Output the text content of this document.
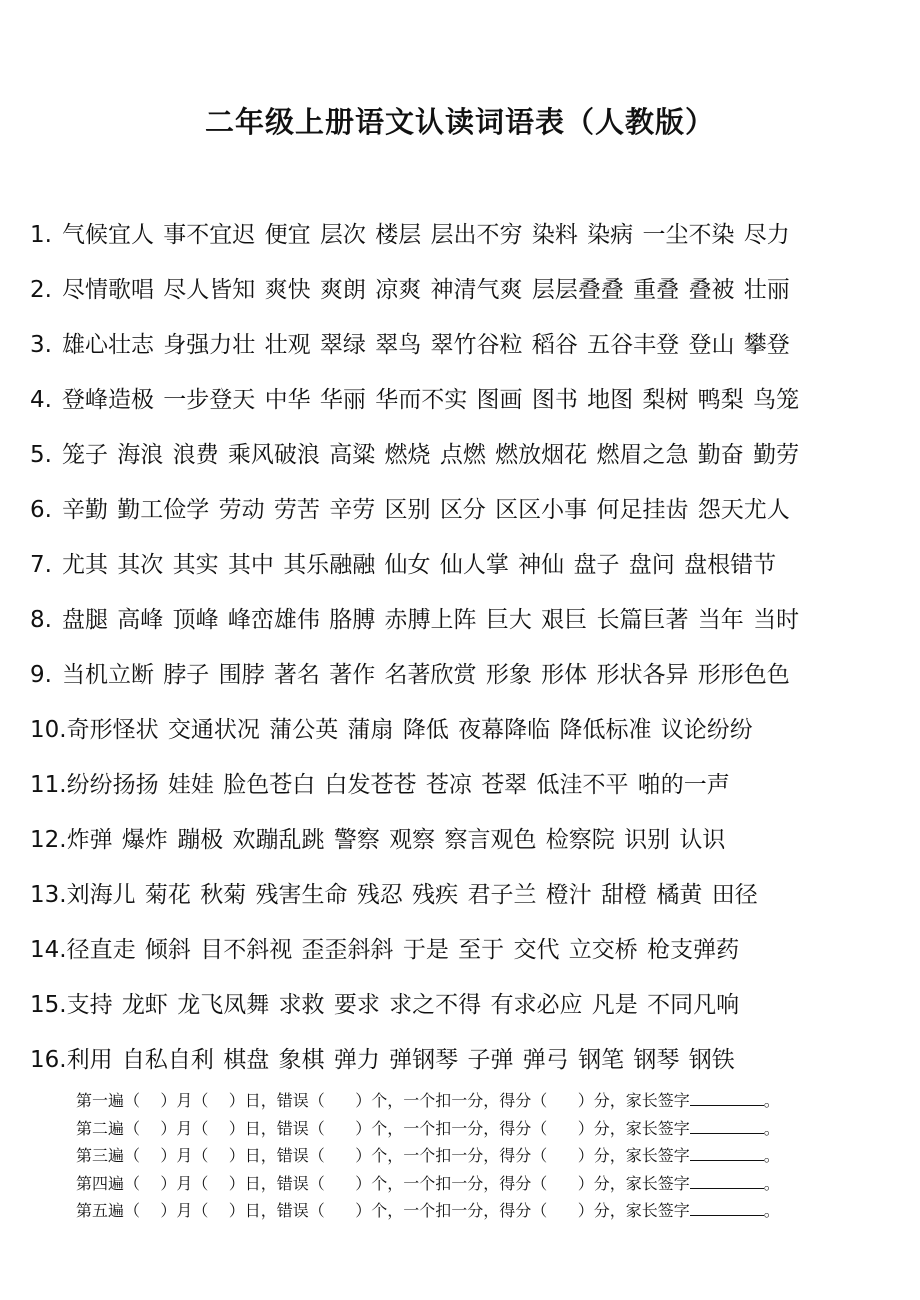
二年级上册语文认读词语表（人教版）
1. 气候宜人 事不宜迟 便宜 层次 楼层 层出不穷 染料 染病 一尘不染 尽力
2. 尽情歌唱 尽人皆知 爽快 爽朗 凉爽 神清气爽 层层叠叠 重叠 叠被 壮丽
3. 雄心壮志 身强力壮 壮观 翠绿 翠鸟 翠竹谷粒 稻谷 五谷丰登 登山 攀登
4. 登峰造极 一步登天 中华 华丽 华而不实 图画 图书 地图 梨树 鸭梨 鸟笼
5. 笼子 海浪 浪费 乘风破浪 高粱 燃烧 点燃 燃放烟花 燃眉之急 勤奋 勤劳
6. 辛勤 勤工俭学 劳动 劳苦 辛劳 区别 区分 区区小事 何足挂齿 怨天尤人
7. 尤其 其次 其实 其中 其乐融融 仙女 仙人掌 神仙 盘子 盘问 盘根错节
8. 盘腿 高峰 顶峰 峰峦雄伟 胳膊 赤膊上阵 巨大 艰巨 长篇巨著 当年 当时
9. 当机立断 脖子 围脖 著名 著作 名著欣赏 形象 形体 形状各异 形形色色
10. 奇形怪状 交通状况 蒲公英 蒲扇 降低 夜幕降临 降低标准 议论纷纷
11. 纷纷扬扬 娃娃 脸色苍白 白发苍苍 苍凉 苍翠 低洼不平 啪的一声
12. 炸弹 爆炸 蹦极 欢蹦乱跳 警察 观察 察言观色 检察院 识别 认识
13. 刘海儿 菊花 秋菊 残害生命 残忍 残疾 君子兰 橙汁 甜橙 橘黄 田径
14. 径直走 倾斜 目不斜视 歪歪斜斜 于是 至于 交代 立交桥 枪支弹药
15. 支持 龙虾 龙飞凤舞 求救 要求 求之不得 有求必应 凡是 不同凡响
16. 利用 自私自利 棋盘 象棋 弹力 弹钢琴 子弹 弹弓 钢笔 钢琴 钢铁
第一遍（    ）月（    ）日，错误（      ）个，一个扣一分，得分（      ）分，家长签字	。
第二遍（    ）月（    ）日，错误（      ）个，一个扣一分，得分（      ）分，家长签字	。
第三遍（    ）月（    ）日，错误（      ）个，一个扣一分，得分（      ）分，家长签字	。
第四遍（    ）月（    ）日，错误（      ）个，一个扣一分，得分（      ）分，家长签字	。
第五遍（    ）月（    ）日，错误（      ）个，一个扣一分，得分（      ）分，家长签字	。
